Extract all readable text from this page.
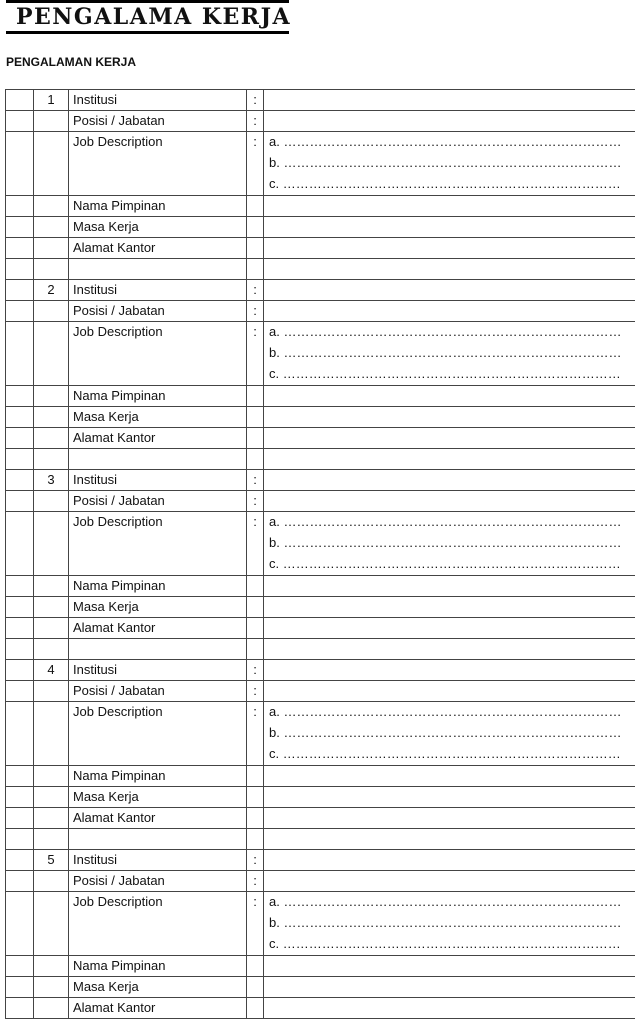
PENGALAMA KERJA
PENGALAMAN KERJA
	1	Institusi	:	
		Posisi / Jabatan	:	
		Job Description	:	a. ……………………………………………………………………
b. ……………………………………………………………………
c. ……………………………………………………………………

		Nama Pimpinan		
		Masa Kerja		
		Alamat Kantor		

	2	Institusi	:	
		Posisi / Jabatan	:	
		Job Description	:	a. ……………………………………………………………………
b. ……………………………………………………………………
c. ……………………………………………………………………

		Nama Pimpinan		
		Masa Kerja		
		Alamat Kantor		

	3	Institusi	:	
		Posisi / Jabatan	:	
		Job Description	:	a. ……………………………………………………………………
b. ……………………………………………………………………
c. ……………………………………………………………………

		Nama Pimpinan		
		Masa Kerja		
		Alamat Kantor		

	4	Institusi	:	
		Posisi / Jabatan	:	
		Job Description	:	a. ……………………………………………………………………
b. ……………………………………………………………………
c. ……………………………………………………………………

		Nama Pimpinan		
		Masa Kerja		
		Alamat Kantor		

	5	Institusi	:	
		Posisi / Jabatan	:	
		Job Description	:	a. ……………………………………………………………………
b. ……………………………………………………………………
c. ……………………………………………………………………

		Nama Pimpinan		
		Masa Kerja		
		Alamat Kantor		
